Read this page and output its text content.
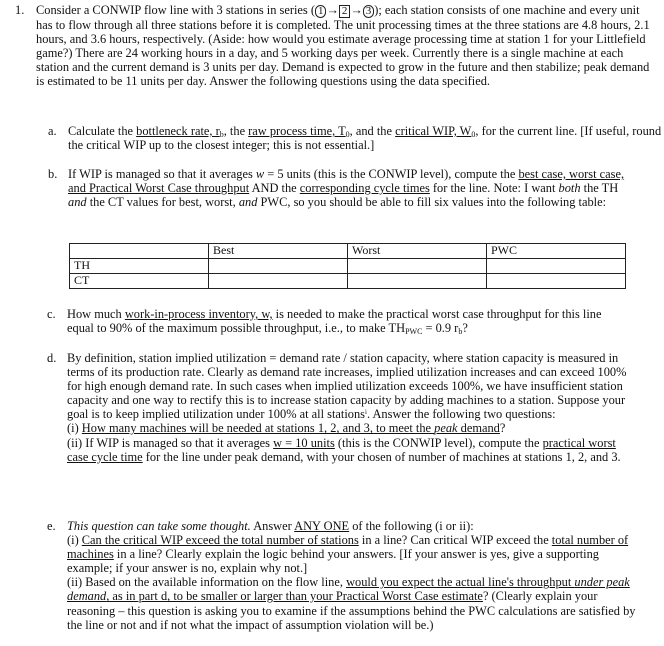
1. Consider a CONWIP flow line with 3 stations in series ( 1 → 2 → 3 ); each station consists of one machine and every unit has to flow through all three stations before it is completed. The unit processing times at the three stations are 4.8 hours, 2.1 hours, and 3.6 hours, respectively. (Aside: how would you estimate average processing time at station 1 for your Littlefield game?) There are 24 working hours in a day, and 5 working days per week. Currently there is a single machine at each station and the current demand is 3 units per day. Demand is expected to grow in the future and then stabilize; peak demand is estimated to be 11 units per day. Answer the following questions using the data specified.
a. Calculate the bottleneck rate, $r_b$, the raw process time, $T_0$, and the critical WIP, $W_0$, for the current line. [If useful, round the critical WIP up to the closest integer; this is not essential.]
b. If WIP is managed so that it averages w = 5 units (this is the CONWIP level), compute the best case, worst case, and Practical Worst Case throughput AND the corresponding cycle times for the line. Note: I want both the TH and the CT values for best, worst, and PWC, so you should be able to fill six values into the following table:
	Best	Worst	PWC
TH			
CT			
c. How much work-in-process inventory, w, is needed to make the practical worst case throughput for this line equal to 90% of the maximum possible throughput, i.e., to make $TH_{PWC} = 0.9$ $r_b$?
d. By definition, station implied utilization = demand rate / station capacity, where station capacity is measured in terms of its production rate. Clearly as demand rate increases, implied utilization increases and can exceed 100% for high enough demand rate. In such cases when implied utilization exceeds 100%, we have insufficient station capacity and one way to rectify this is to increase station capacity by adding machines to a station. Suppose your goal is to keep implied utilization under 100% at all stations$^i$. Answer the following two questions:
(i) How many machines will be needed at stations 1, 2, and 3, to meet the peak demand?
(ii) If WIP is managed so that it averages w = 10 units (this is the CONWIP level), compute the practical worst case cycle time for the line under peak demand, with your chosen of number of machines at stations 1, 2, and 3.
e. This question can take some thought. Answer ANY ONE of the following (i or ii):
(i) Can the critical WIP exceed the total number of stations in a line? Can critical WIP exceed the total number of machines in a line? Clearly explain the logic behind your answers. [If your answer is yes, give a supporting example; if your answer is no, explain why not.]
(ii) Based on the available information on the flow line, would you expect the actual line's throughput under peak demand, as in part d, to be smaller or larger than your Practical Worst Case estimate? (Clearly explain your reasoning – this question is asking you to examine if the assumptions behind the PWC calculations are satisfied by the line or not and if not what the impact of assumption violation will be.)
